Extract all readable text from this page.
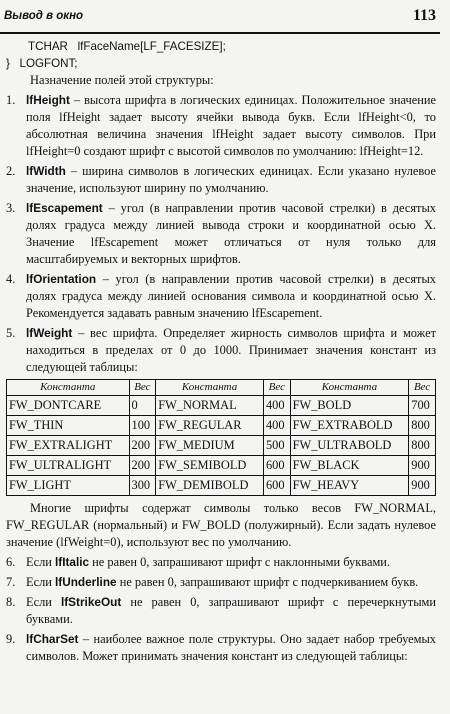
Вывод в окно	113
TCHAR   lfFaceName[LF_FACESIZE];
}   LOGFONT;
Назначение полей этой структуры:
1. lfHeight – высота шрифта в логических единицах. Положительное значение поля lfHeight задает высоту ячейки вывода букв. Если lfHeight<0, то абсолютная величина значения lfHeight задает высоту символов. При lfHeight=0 создают шрифт с высотой символов по умолчанию: lfHeight=12.
2. lfWidth – ширина символов в логических единицах. Если указано нулевое значение, используют ширину по умолчанию.
3. lfEscapement – угол (в направлении против часовой стрелки) в десятых долях градуса между линией вывода строки и координатной осью X. Значение lfEscapement может отличаться от нуля только для масштабируемых и векторных шрифтов.
4. lfOrientation – угол (в направлении против часовой стрелки) в десятых долях градуса между линией основания символа и координатной осью X. Рекомендуется задавать равным значению lfEscapement.
5. lfWeight – вес шрифта. Определяет жирность символов шрифта и может находиться в пределах от 0 до 1000. Принимает значения констант из следующей таблицы:
Константа	Вес	Константа	Вес	Константа	Вес
FW_DONTCARE	0	FW_NORMAL	400	FW_BOLD	700
FW_THIN	100	FW_REGULAR	400	FW_EXTRABOLD	800
FW_EXTRALIGHT	200	FW_MEDIUM	500	FW_ULTRABOLD	800
FW_ULTRALIGHT	200	FW_SEMIBOLD	600	FW_BLACK	900
FW_LIGHT	300	FW_DEMIBOLD	600	FW_HEAVY	900
Многие шрифты содержат символы только весов FW_NORMAL, FW_REGULAR (нормальный) и FW_BOLD (полужирный). Если задать нулевое значение (lfWeight=0), используют вес по умолчанию.
6. Если lfItalic не равен 0, запрашивают шрифт с наклонными буквами.
7. Если lfUnderline не равен 0, запрашивают шрифт с подчеркиванием букв.
8. Если lfStrikeOut не равен 0, запрашивают шрифт с перечеркнутыми буквами.
9. lfCharSet – наиболее важное поле структуры. Оно задает набор требуемых символов. Может принимать значения констант из следующей таблицы:
